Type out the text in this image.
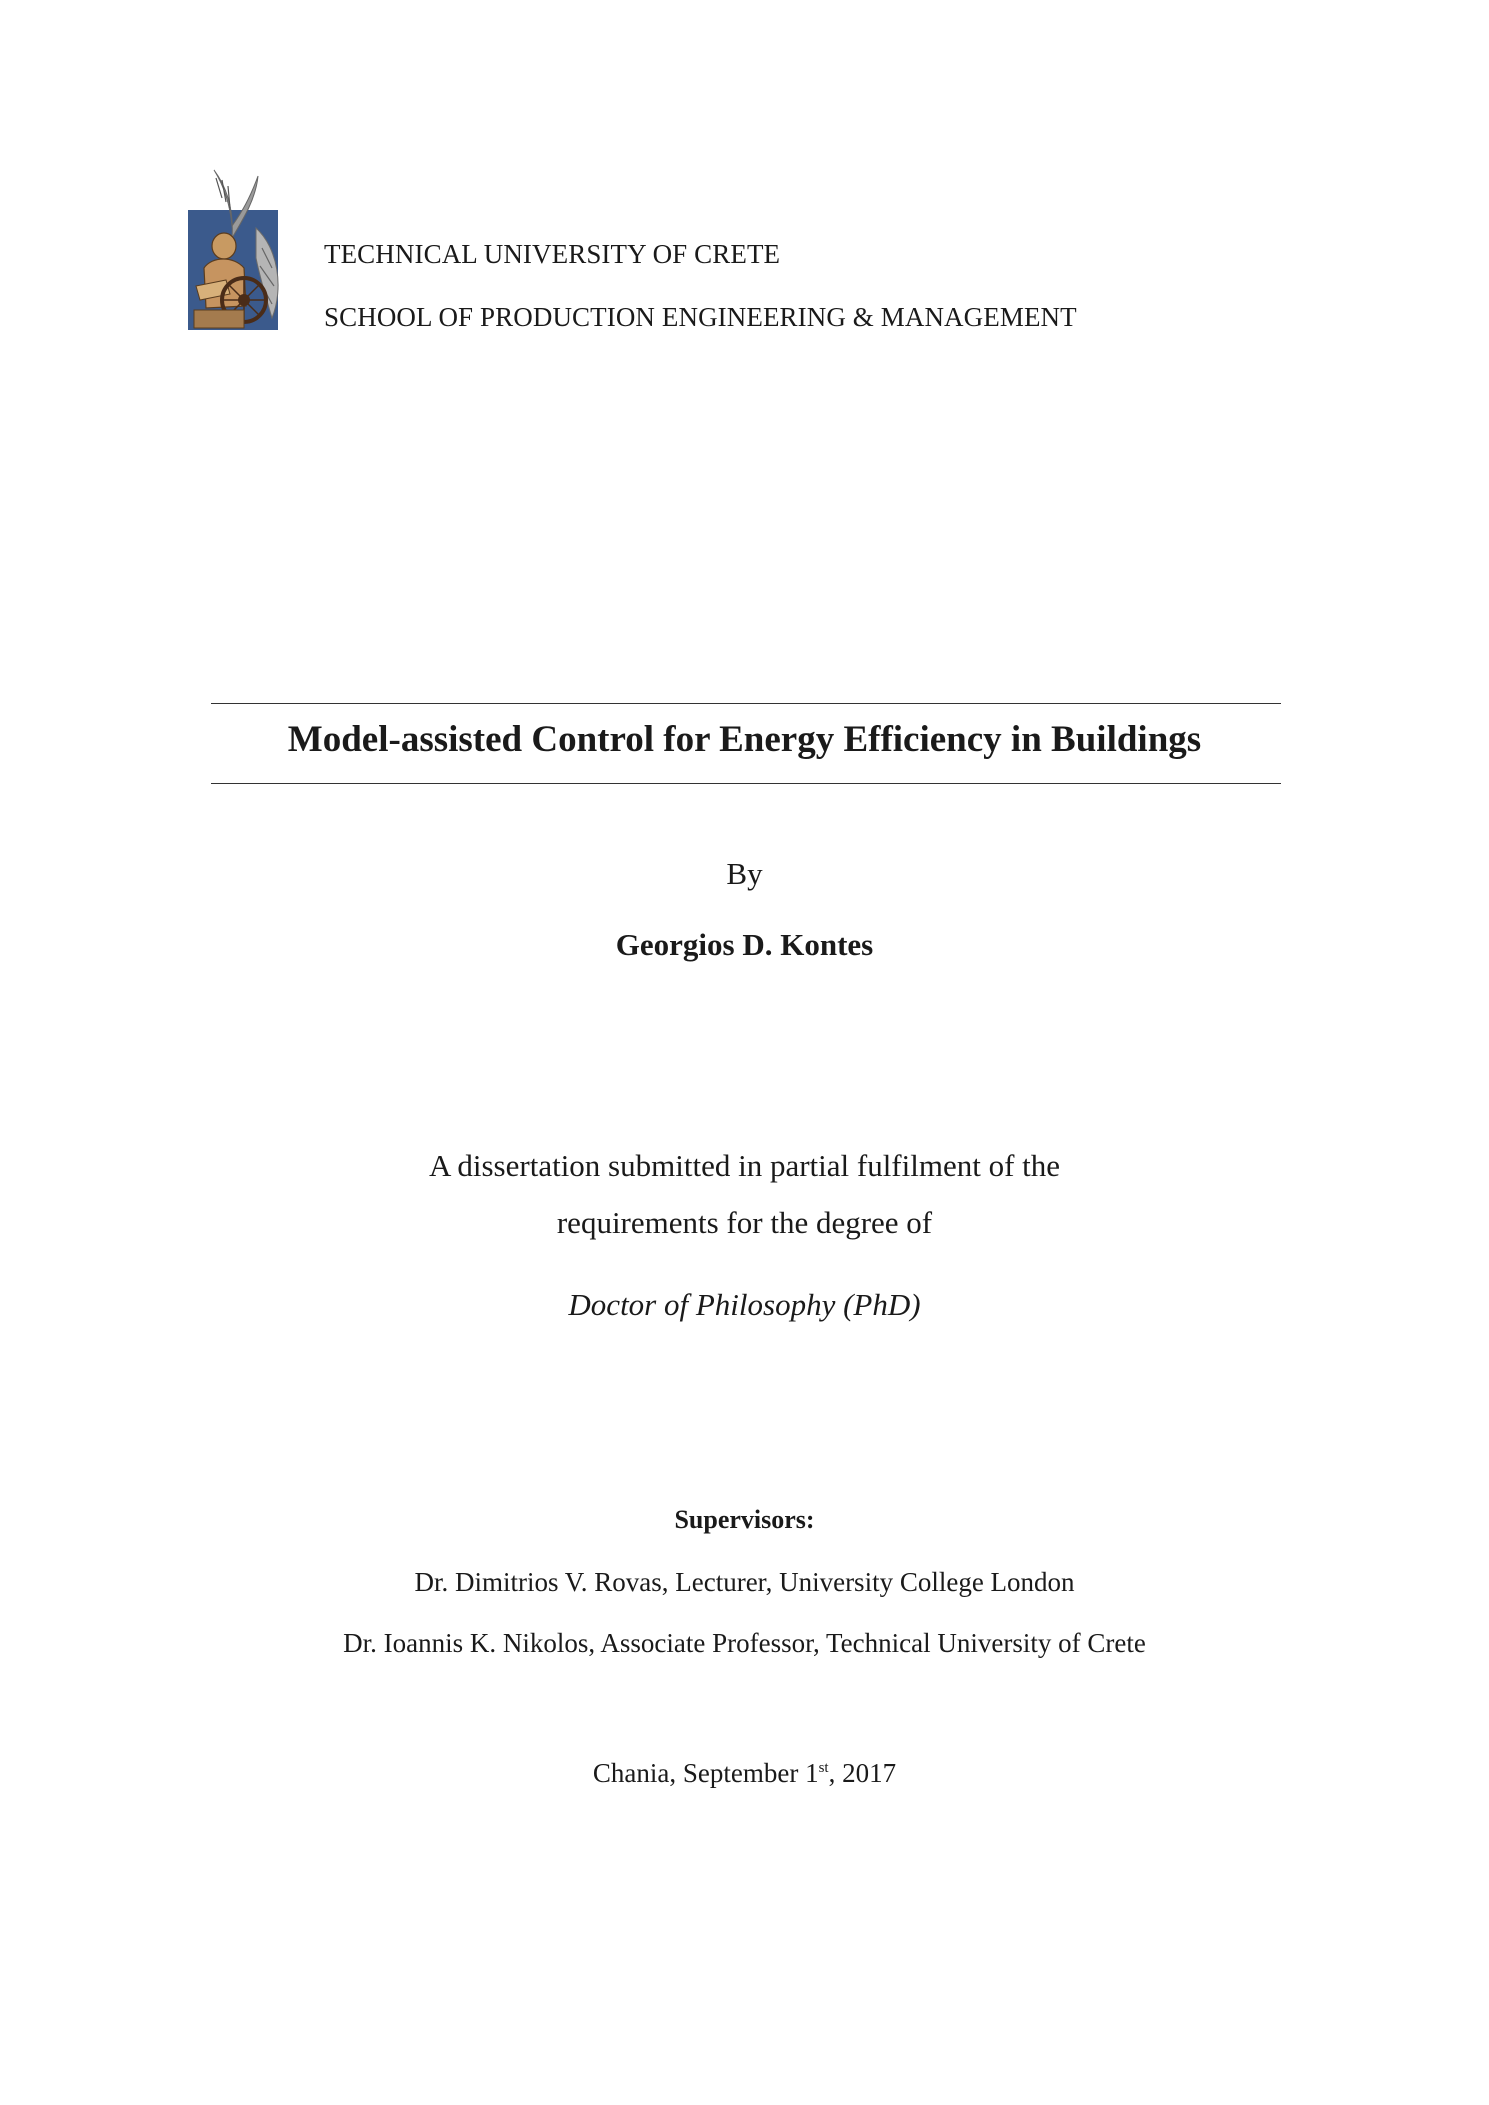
TECHNICAL UNIVERSITY OF CRETE
SCHOOL OF PRODUCTION ENGINEERING & MANAGEMENT
Model-assisted Control for Energy Efficiency in Buildings
By
Georgios D. Kontes
A dissertation submitted in partial fulfilment of the
requirements for the degree of
Doctor of Philosophy (PhD)
Supervisors:
Dr. Dimitrios V. Rovas, Lecturer, University College London
Dr. Ioannis K. Nikolos, Associate Professor, Technical University of Crete
Chania, September 1st, 2017
